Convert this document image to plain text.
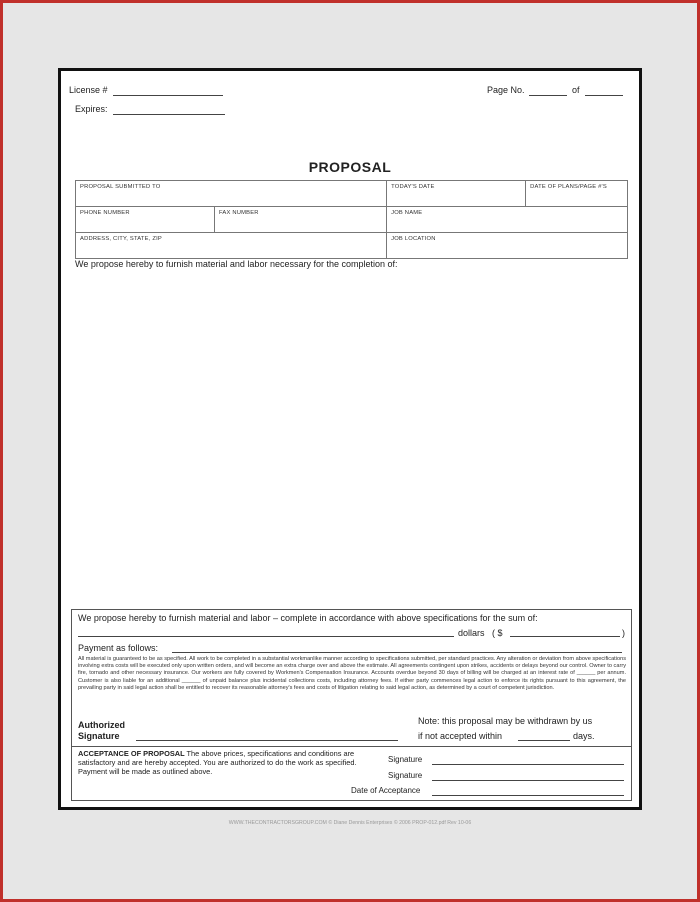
License #
Expires:
Page No.	of
PROPOSAL
PROPOSAL SUBMITTED TO		TODAY'S DATE	DATE OF PLANS/PAGE #'S
PHONE NUMBER	FAX NUMBER	JOB NAME	
ADDRESS, CITY, STATE, ZIP		JOB LOCATION	
We propose hereby to furnish material and labor necessary for the completion of:
We propose hereby to furnish material and labor – complete in accordance with above specifications for the sum of:
dollars ( $	)
Payment as follows:
All material is guaranteed to be as specified. All work to be completed in a substantial workmanlike manner according to specifications submitted, per standard practices. Any alteration or deviation from above specifications involving extra costs will be executed only upon written orders, and will become an extra charge over and above the estimate. All agreements contingent upon strikes, accidents or delays beyond our control. Owner to carry fire, tornado and other necessary insurance. Our workers are fully covered by Workmen's Compensation Insurance. Accounts overdue beyond 30 days of billing will be charged at an interest rate of ______ per annum. Customer is also liable for an additional ______ of unpaid balance plus incidental collections costs, including attorney fees. If either party commences legal action to enforce its rights pursuant to this agreement, the prevailing party in said legal action shall be entitled to recover its reasonable attorney's fees and costs of litigation relating to said legal action, as determined by a court of competent jurisdiction.
Authorized
Signature
Note: this proposal may be withdrawn by us
if not accepted within	days.
ACCEPTANCE OF PROPOSAL The above prices, specifications and conditions are satisfactory and are hereby accepted. You are authorized to do the work as specified. Payment will be made as outlined above.
Signature
Signature
Date of Acceptance
WWW.THECONTRACTORSGROUP.COM © Diane Dennis Enterprises © 2006 PROP-012.pdf Rev 10-06
